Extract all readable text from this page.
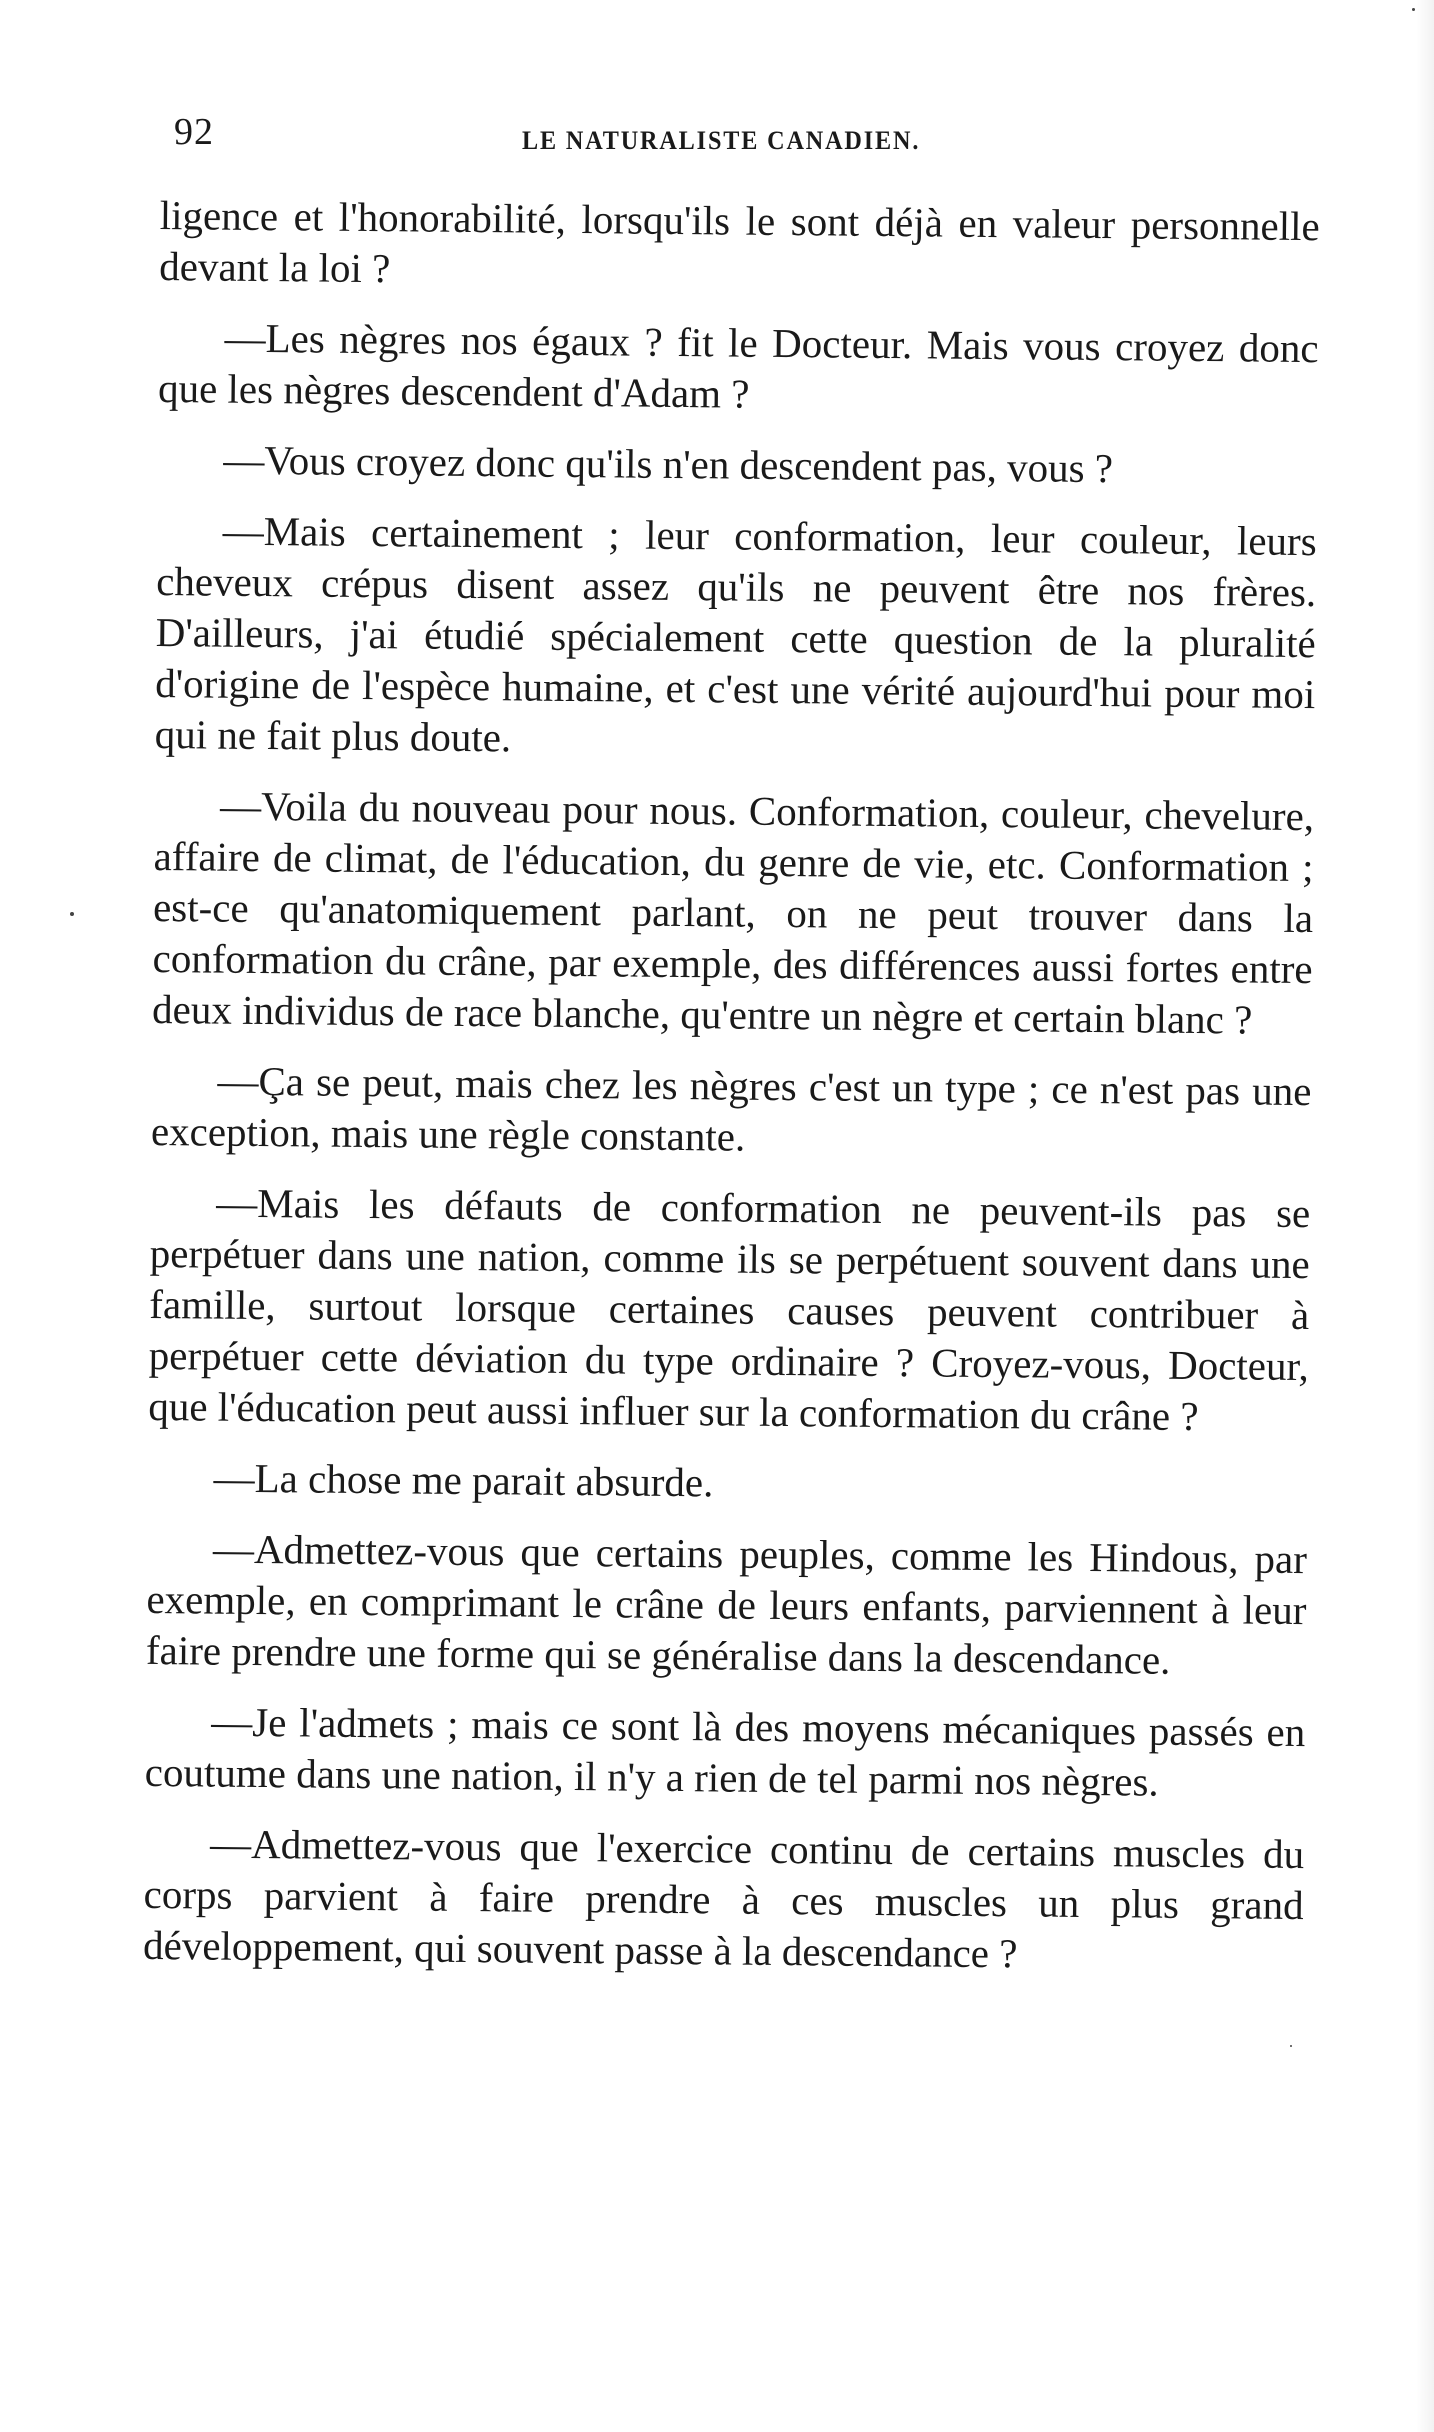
92	LE NATURALISTE CANADIEN.

ligence et l'honorabilité, lorsqu'ils le sont déjà en valeur personnelle devant la loi ?

—Les nègres nos égaux ? fit le Docteur. Mais vous croyez donc que les nègres descendent d'Adam ?

—Vous croyez donc qu'ils n'en descendent pas, vous ?

—Mais certainement ; leur conformation, leur couleur, leurs cheveux crépus disent assez qu'ils ne peuvent être nos frères. D'ailleurs, j'ai étudié spécialement cette question de la pluralité d'origine de l'espèce humaine, et c'est une vérité aujourd'hui pour moi qui ne fait plus doute.

—Voila du nouveau pour nous. Conformation, couleur, chevelure, affaire de climat, de l'éducation, du genre de vie, etc. Conformation ; est-ce qu'anatomiquement parlant, on ne peut trouver dans la conformation du crâne, par exemple, des différences aussi fortes entre deux individus de race blanche, qu'entre un nègre et certain blanc ?

—Ça se peut, mais chez les nègres c'est un type ; ce n'est pas une exception, mais une règle constante.

—Mais les défauts de conformation ne peuvent-ils pas se perpétuer dans une nation, comme ils se perpétuent souvent dans une famille, surtout lorsque certaines causes peuvent contribuer à perpétuer cette déviation du type ordinaire ? Croyez-vous, Docteur, que l'éducation peut aussi influer sur la conformation du crâne ?

—La chose me parait absurde.

—Admettez-vous que certains peuples, comme les Hindous, par exemple, en comprimant le crâne de leurs enfants, parviennent à leur faire prendre une forme qui se généralise dans la descendance.

—Je l'admets ; mais ce sont là des moyens mécaniques passés en coutume dans une nation, il n'y a rien de tel parmi nos nègres.

—Admettez-vous que l'exercice continu de certains muscles du corps parvient à faire prendre à ces muscles un plus grand développement, qui souvent passe à la descendance ?
